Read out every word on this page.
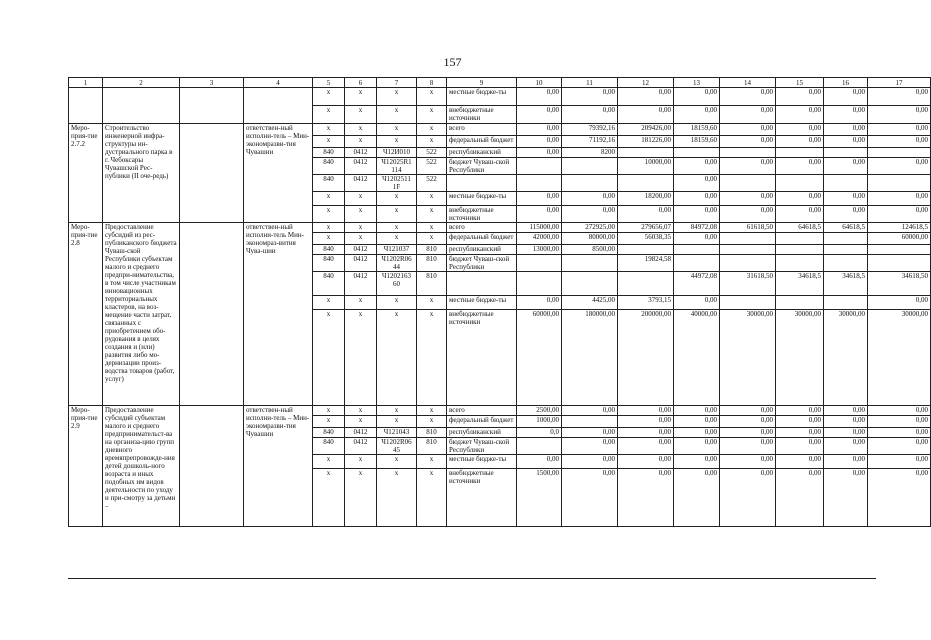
157
1	2	3	4	5	6	7	8	9	10	11	12	13	14	15	16	17
				x	x	x	x	местные бюдже-ты	0,00	0,00	0,00	0,00	0,00	0,00	0,00	0,00
				x	x	x	x	внебюджетные источники	0,00	0,00	0,00	0,00	0,00	0,00	0,00	0,00
Меро-прия-тие 2.7.2	Строительство инженерной инфра-структуры ин-дустриального парка в г. Чебоксары Чувашской Рес-публики (II оче-редь)		ответствен-ный исполни-тель – Мин-экономразви-тия Чувашии	x	x	x	x	всего	0,00	79392,16	209426,00	18159,60	0,00	0,00	0,00	0,00
				x	x	x	x	федеральный бюджет	0,00	71192,16	181226,00	18159,60	0,00	0,00	0,00	0,00
				840	0412	Ч12И010	522	республиканский	0,00	8200						
				840	0412	Ч12025R1 114	522	бюджет Чуваш-ской Республики			10000,00	0,00	0,00	0,00	0,00	0,00
				840	0412	Ч1202511 1F	522					0,00				
				x	x	x	x	местные бюдже-ты	0,00	0,00	18200,00	0,00	0,00	0,00	0,00	0,00
				x	x	x	x	внебюджетные источники	0,00	0,00	0,00	0,00	0,00	0,00	0,00	0,00
Меро-прия-тие 2.8	Предоставление субсидий из рес-публиканского бюджета Чуваш-ской Республики субъектам малого и среднего предпри-нимательства, в том числе участникам инновационных территориальных кластеров, на воз-мещение части затрат, связанных с приобретением обо-рудования в целях создания и (или) развития либо мо-дернизации произ-водства товаров (работ, услуг)		ответствен-ный исполни-тель Мин-экономраз-вития Чува-шии	x	x	x	x	всего	115000,00	272925,00	279656,07	84972,08	61618,50	64618,5	64618,5	124618,5
				x	x	x	x	федеральный бюджет	42000,00	80000,00	56038,35	0,00				60000,00
				840	0412	Ч121037	810	республиканский	13000,00	8500,00						
				840	0412	Ч1202R06 44	810	бюджет Чуваш-ской Республики			19824,58					
				840	0412	Ч1202163 60	810					44972,08	31618,50	34618,5	34618,5	34618,50
				x	x	x	x	местные бюдже-ты	0,00	4425,00	3793,15	0,00				0,00
				x	x	x	x	внебюджетные источники	60000,00	180000,00	200000,00	40000,00	30000,00	30000,00	30000,00	30000,00
Меро-прия-тие 2.9	Предоставление субсидий субъектам малого и среднего предпринимательст-ва на организа-цию групп дневного времяпрепровожде-ния детей дошколь-ного возраста и иных подобных им видов деятельности по уходу и при-смотру за детьми –		ответствен-ный исполни-тель – Мин-экономразви-тия Чувашии	x	x	x	x	всего	2500,00	0,00	0,00	0,00	0,00	0,00	0,00	0,00
				x	x	x	x	федеральный бюджет	1000,00		0,00	0,00	0,00	0,00	0,00	0,00
				840	0412	Ч121043	810	республиканский	0,0	0,00	0,00	0,00	0,00	0,00	0,00	0,00
				840	0412	Ч1202R06 45	810	бюджет Чуваш-ской Республики		0,00	0,00	0,00	0,00	0,00	0,00	0,00
				x	x	x	x	местные бюдже-ты	0,00	0,00	0,00	0,00	0,00	0,00	0,00	0,00
				x	x	x	x	внебюджетные источники	1500,00	0,00	0,00	0,00	0,00	0,00	0,00	0,00
